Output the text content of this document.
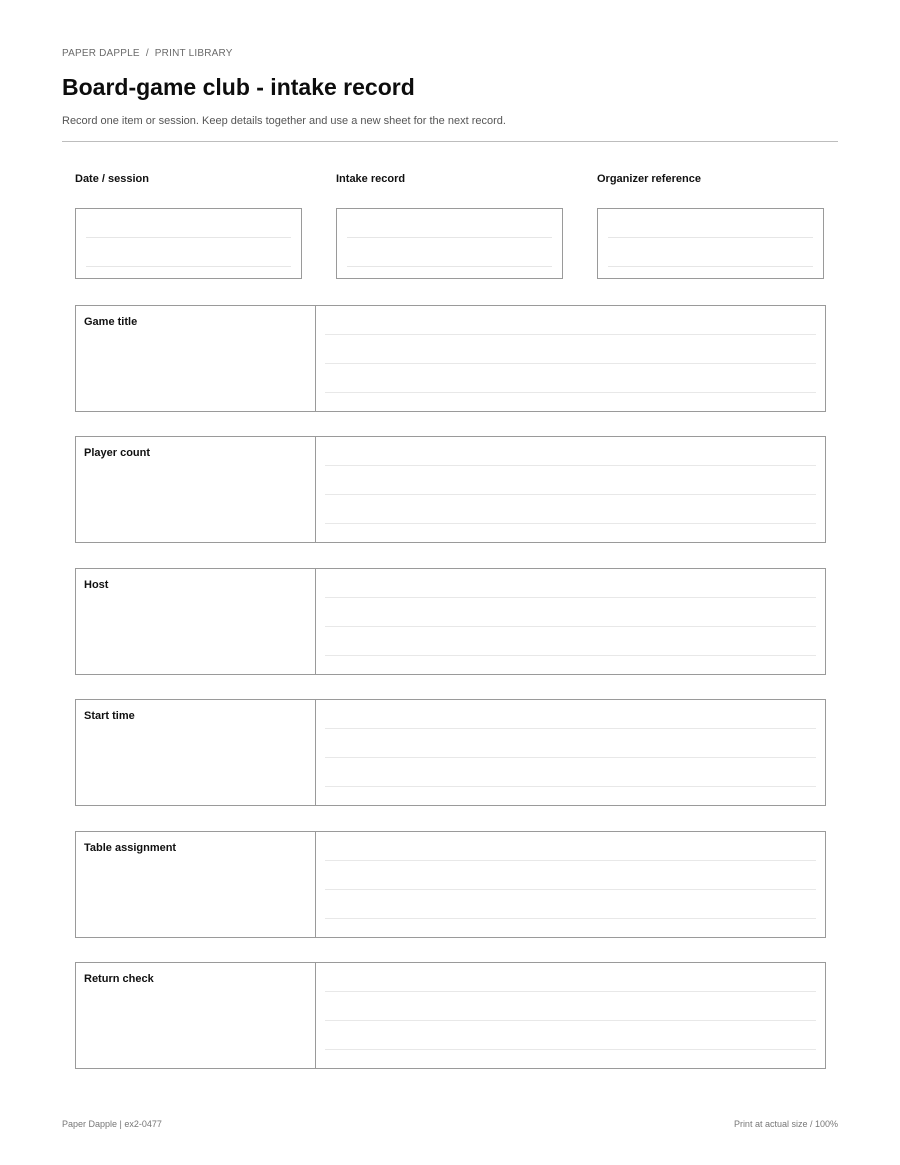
PAPER DAPPLE / PRINT LIBRARY
Board-game club - intake record
Record one item or session. Keep details together and use a new sheet for the next record.
Date / session	Intake record	Organizer reference
Game title
Player count
Host
Start time
Table assignment
Return check
Paper Dapple | ex2-0477	Print at actual size / 100%
